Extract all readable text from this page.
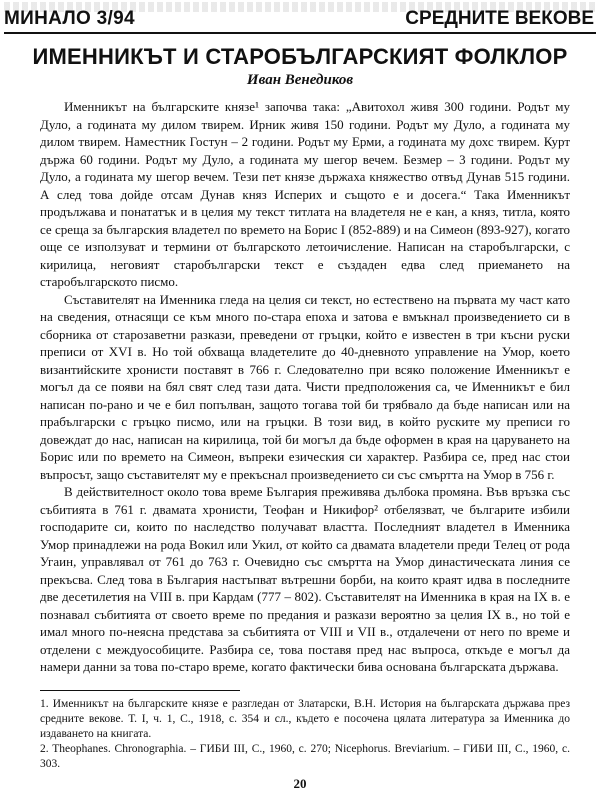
МИНАЛО 3/94	СРЕДНИТЕ ВЕКОВЕ
ИМЕННИКЪТ И СТАРОБЪЛГАРСКИЯТ ФОЛКЛОР
Иван Венедиков

Именникът на българските князе¹ започва така: „Авитохол живя 300 години. Родът му Дуло, а годината му дилом твирем. Ирник живя 150 години. Родът му Дуло, а годината му дилом твирем. Наместник Гостун – 2 години. Родът му Ерми, а годината му дохс твирем. Курт държа 60 години. Родът му Дуло, а годината му шегор вечем. Безмер – 3 години. Родът му Дуло, а годината му шегор вечем. Тези пет князе държаха княжество отвъд Дунав 515 години. А след това дойде отсам Дунав княз Исперих и същото е и досега.“ Така Именникът продължава и понататък и в целия му текст титлата на владетеля не е кан, а княз, титла, която се среща за българския владетел по времето на Борис I (852-889) и на Симеон (893-927), когато още се използуват и термини от българското летоичисление. Написан на старобългарски, с кирилица, неговият старобългарски текст е създаден едва след приемането на старобългарското писмо.

Съставителят на Именника гледа на целия си текст, но естествено на първата му част като на сведения, отнасящи се към много по-стара епоха и затова е вмъкнал произведението си в сборника от старозаветни разкази, преведени от гръцки, който е известен в три късни руски преписи от XVI в. Но той обхваща владетелите до 40-дневното управление на Умор, което византийските хронисти поставят в 766 г. Следователно при всяко положение Именникът е могъл да се появи на бял свят след тази дата. Чисти предположения са, че Именникът е бил написан по-рано и че е бил попълван, защото тогава той би трябвало да бъде написан или на прабългарски с гръцко писмо, или на гръцки. В този вид, в който руските му преписи го довеждат до нас, написан на кирилица, той би могъл да бъде оформен в края на царуването на Борис или по времето на Симеон, въпреки езическия си характер. Разбира се, пред нас стои въпросът, защо съставителят му е прекъснал произведението си със смъртта на Умор в 756 г.

В действителност около това време България преживява дълбока промяна. Във връзка със събитията в 761 г. двамата хронисти, Теофан и Никифор² отбелязват, че българите избили господарите си, които по наследство получават властта. Последният владетел в Именника Умор принадлежи на рода Вокил или Укил, от който са двамата владетели преди Телец от рода Угаин, управлявал от 761 до 763 г. Очевидно със смъртта на Умор династическата линия се прекъсва. След това в България настъпват вътрешни борби, на които краят идва в последните две десетилетия на VIII в. при Кардам (777 – 802). Съставителят на Именника в края на IX в. е познавал събитията от своето време по предания и разкази вероятно за целия IX в., но той е имал много по-неясна представа за събитията от VIII и VII в., отдалечени от него по време и отделени с междуособиците. Разбира се, това поставя пред нас въпроса, откъде е могъл да намери данни за това по-старо време, когато фактически бива основана българската държава.

1. Именникът на българските князе е разгледан от Златарски, В.Н. История на българската държава през средните векове. Т. I, ч. 1, С., 1918, с. 354 и сл., където е посочена цялата литература за Именника до издаването на книгата.

2. Theophanes. Chronographia. – ГИБИ III, С., 1960, с. 270; Nicephorus. Breviarium. – ГИБИ III, С., 1960, с. 303.

20
